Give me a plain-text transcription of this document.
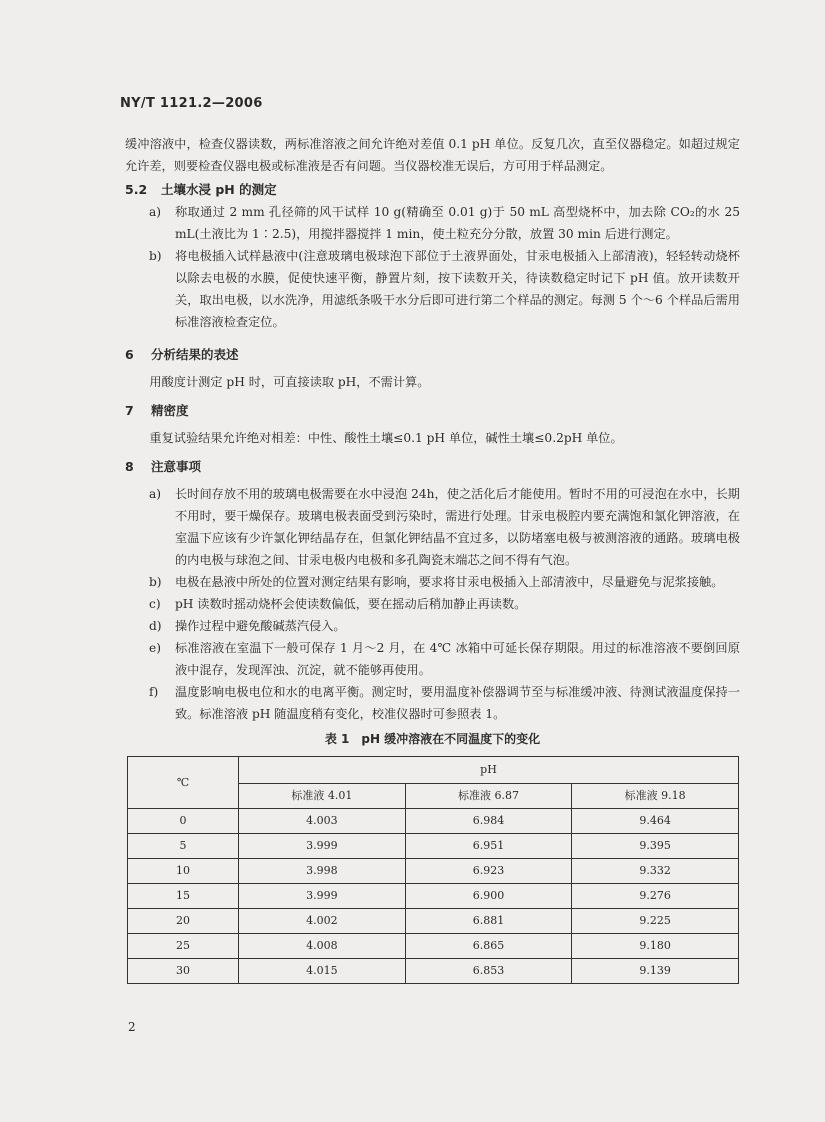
NY/T 1121.2—2006

缓冲溶液中，检查仪器读数，两标准溶液之间允许绝对差值 0.1 pH 单位。反复几次，直至仪器稳定。如超过规定允许差，则要检查仪器电极或标准液是否有问题。当仪器校准无误后，方可用于样品测定。

5.2 土壤水浸 pH 的测定
a)	称取通过 2 mm 孔径筛的风干试样 10 g(精确至 0.01 g)于 50 mL 高型烧杯中，加去除 CO₂的水 25 mL(土液比为 1∶2.5)，用搅拌器搅拌 1 min，使土粒充分分散，放置 30 min 后进行测定。
b)	将电极插入试样悬液中(注意玻璃电极球泡下部位于土液界面处，甘汞电极插入上部清液)，轻轻转动烧杯以除去电极的水膜，促使快速平衡，静置片刻，按下读数开关，待读数稳定时记下 pH 值。放开读数开关，取出电极，以水洗净，用滤纸条吸干水分后即可进行第二个样品的测定。每测 5 个～6 个样品后需用标准溶液检查定位。
6 分析结果的表述

用酸度计测定 pH 时，可直接读取 pH，不需计算。

7 精密度

重复试验结果允许绝对相差：中性、酸性土壤≤0.1 pH 单位，碱性土壤≤0.2pH 单位。

8 注意事项
a)	长时间存放不用的玻璃电极需要在水中浸泡 24h，使之活化后才能使用。暂时不用的可浸泡在水中，长期不用时，要干燥保存。玻璃电极表面受到污染时，需进行处理。甘汞电极腔内要充满饱和氯化钾溶液，在室温下应该有少许氯化钾结晶存在，但氯化钾结晶不宜过多，以防堵塞电极与被测溶液的通路。玻璃电极的内电极与球泡之间、甘汞电极内电极和多孔陶瓷末端芯之间不得有气泡。
b)	电极在悬液中所处的位置对测定结果有影响，要求将甘汞电极插入上部清液中，尽量避免与泥浆接触。
c)	pH 读数时摇动烧杯会使读数偏低，要在摇动后稍加静止再读数。
d)	操作过程中避免酸碱蒸汽侵入。
e)	标准溶液在室温下一般可保存 1 月～2 月，在 4℃ 冰箱中可延长保存期限。用过的标准溶液不要倒回原液中混存，发现浑浊、沉淀，就不能够再使用。
f)	温度影响电极电位和水的电离平衡。测定时，要用温度补偿器调节至与标准缓冲液、待测试液温度保持一致。标准溶液 pH 随温度稍有变化，校准仪器时可参照表 1。
表 1　pH 缓冲溶液在不同温度下的变化
℃	pH		
	标准液 4.01	标准液 6.87	标准液 9.18
0	4.003	6.984	9.464
5	3.999	6.951	9.395
10	3.998	6.923	9.332
15	3.999	6.900	9.276
20	4.002	6.881	9.225
25	4.008	6.865	9.180
30	4.015	6.853	9.139
2
